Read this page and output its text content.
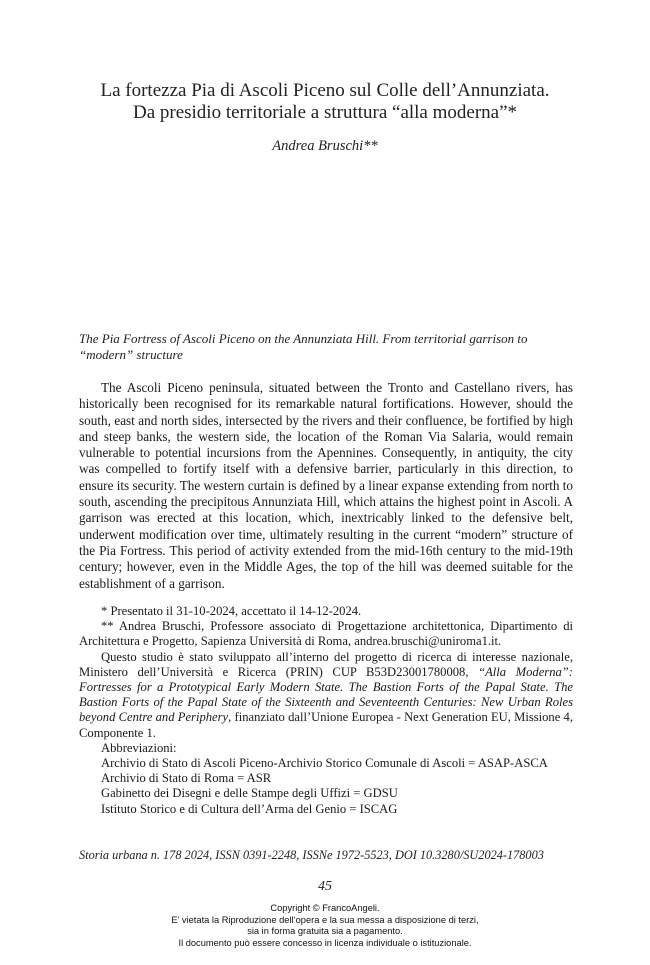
La fortezza Pia di Ascoli Piceno sul Colle dell’Annunziata.
Da presidio territoriale a struttura “alla moderna”*
Andrea Bruschi**
The Pia Fortress of Ascoli Piceno on the Annunziata Hill. From territorial garrison to “modern” structure

The Ascoli Piceno peninsula, situated between the Tronto and Castellano rivers, has historically been recognised for its remarkable natural fortifications. However, should the south, east and north sides, intersected by the rivers and their confluence, be fortified by high and steep banks, the western side, the location of the Roman Via Salaria, would remain vulnerable to potential incursions from the Apennines. Consequently, in antiquity, the city was compelled to fortify itself with a defensive barrier, particularly in this direction, to ensure its security. The western curtain is defined by a linear expanse extending from north to south, ascending the precipitous Annunziata Hill, which attains the highest point in Ascoli. A garrison was erected at this location, which, inextricably linked to the defensive belt, underwent modification over time, ultimately resulting in the current “modern” structure of the Pia Fortress. This period of activity extended from the mid-16th century to the mid-19th century; however, even in the Middle Ages, the top of the hill was deemed suitable for the establishment of a garrison.

* Presentato il 31-10-2024, accettato il 14-12-2024.

** Andrea Bruschi, Professore associato di Progettazione architettonica, Dipartimento di Architettura e Progetto, Sapienza Università di Roma, andrea.bruschi@uniroma1.it.

Questo studio è stato sviluppato all’interno del progetto di ricerca di interesse nazionale, Ministero dell’Università e Ricerca (PRIN) CUP B53D23001780008, “Alla Moderna”: Fortresses for a Prototypical Early Modern State. The Bastion Forts of the Papal State. The Bastion Forts of the Papal State of the Sixteenth and Seventeenth Centuries: New Urban Roles beyond Centre and Periphery, finanziato dall’Unione Europea - Next Generation EU, Missione 4, Componente 1.

Abbreviazioni:

Archivio di Stato di Ascoli Piceno-Archivio Storico Comunale di Ascoli = ASAP-ASCA

Archivio di Stato di Roma = ASR

Gabinetto dei Disegni e delle Stampe degli Uffizi = GDSU

Istituto Storico e di Cultura dell’Arma del Genio = ISCAG

Storia urbana n. 178 2024, ISSN 0391-2248, ISSNe 1972-5523, DOI 10.3280/SU2024-178003
45
Copyright © FrancoAngeli.
E’ vietata la Riproduzione dell’opera e la sua messa a disposizione di terzi,
sia in forma gratuita sia a pagamento.
Il documento può essere concesso in licenza individuale o istituzionale.
